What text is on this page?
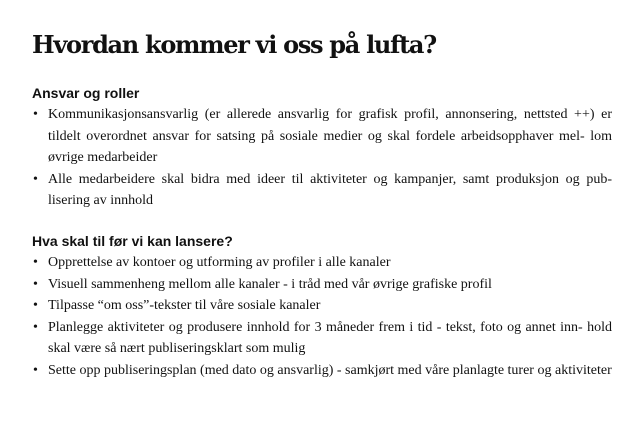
Hvordan kommer vi oss på lufta?
Ansvar og roller
• Kommunikasjonsansvarlig (er allerede ansvarlig for grafisk profil, annonsering, nettsted ++) er tildelt overordnet ansvar for satsing på sosiale medier og skal fordele arbeidsopphaver mel- lom øvrige medarbeider
• Alle medarbeidere skal bidra med ideer til aktiviteter og kampanjer, samt produksjon og pub- lisering av innhold
Hva skal til før vi kan lansere?
• Opprettelse av kontoer og utforming av profiler i alle kanaler
• Visuell sammenheng mellom alle kanaler - i tråd med vår øvrige grafiske profil
• Tilpasse “om oss”-tekster til våre sosiale kanaler
• Planlegge aktiviteter og produsere innhold for 3 måneder frem i tid - tekst, foto og annet inn- hold skal være så nært publiseringsklart som mulig
• Sette opp publiseringsplan (med dato og ansvarlig) - samkjørt med våre planlagte turer og aktiviteter
